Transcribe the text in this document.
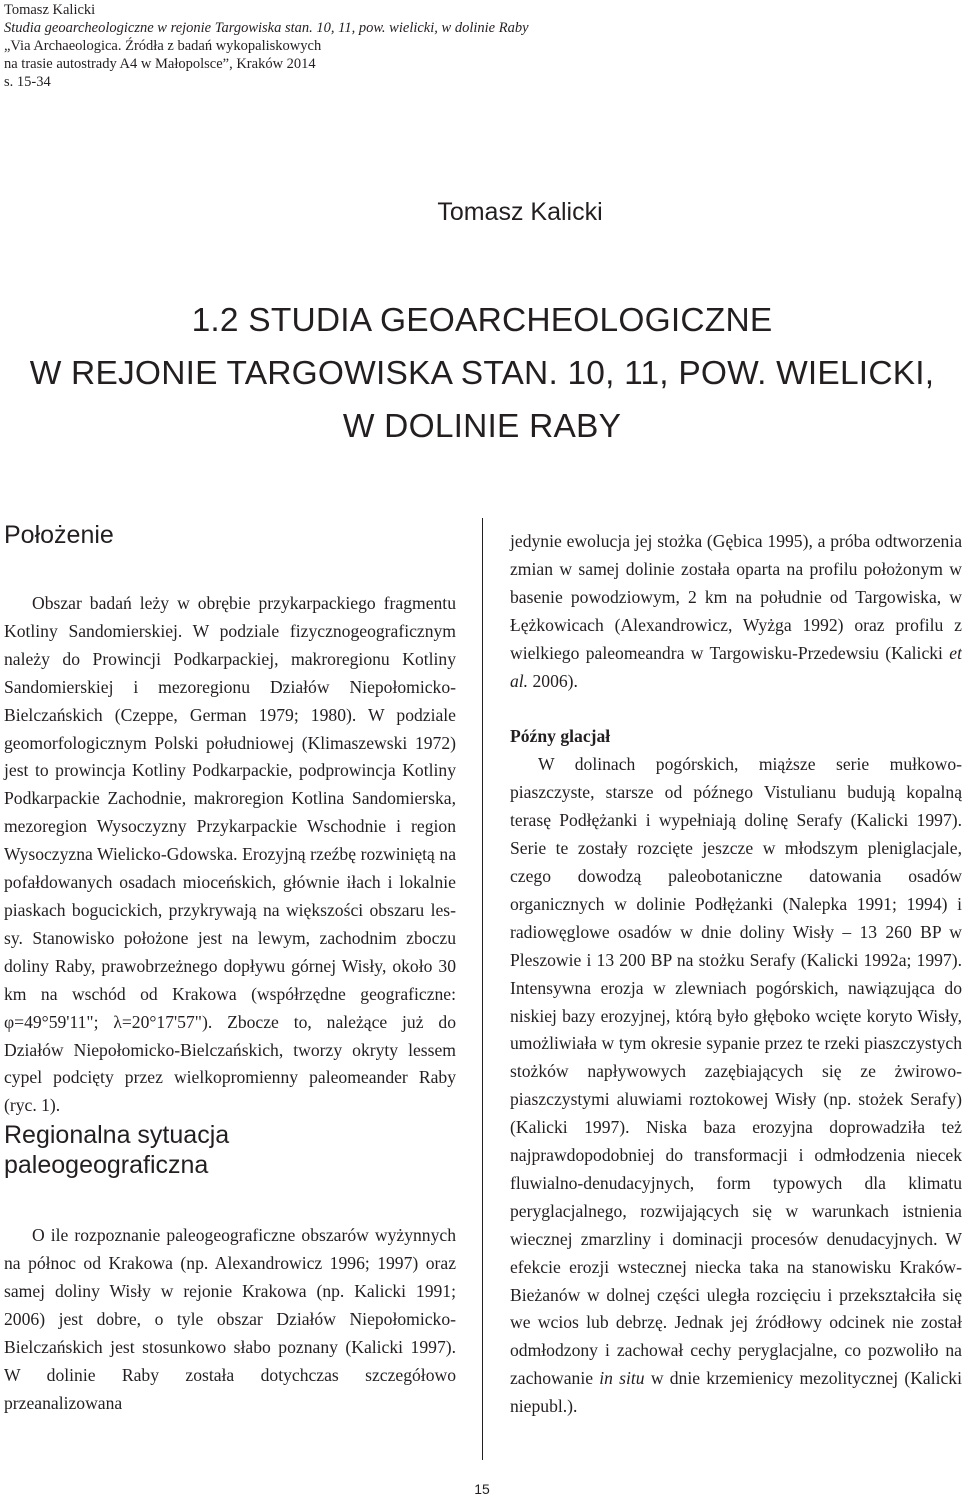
Tomasz Kalicki
Studia geoarcheologiczne w rejonie Targowiska stan. 10, 11, pow. wielicki, w dolinie Raby
„Via Archaeologica. Źródła z badań wykopaliskowych
na trasie autostrady A4 w Małopolsce”, Kraków 2014
s. 15-34
Tomasz Kalicki
1.2 STUDIA GEOARCHEOLOGICZNE
W REJONIE TARGOWISKA STAN. 10, 11, POW. WIELICKI,
W DOLINIE RABY
Położenie

Obszar badań leży w obrębie przykarpackiego fragmentu Kotliny Sandomierskiej. W podziale fizycznogeograficznym należy do Prowincji Podkarpackiej, makroregionu Kotliny Sandomierskiej i mezoregionu Działów Niepołomicko-Bielczańskich (Czeppe, German 1979; 1980). W podziale geomorfologicznym Polski południowej (Klimaszewski 1972) jest to prowincja Kotliny Podkarpackie, podprowincja Kotliny Podkarpackie Zachodnie, makroregion Kotlina Sandomierska, mezoregion Wysoczyzny Przykarpackie Wschodnie i region Wysoczyzna Wielicko-Gdowska. Erozyjną rzeźbę rozwiniętą na pofałdowanych osadach mioceńskich, głównie iłach i lokalnie piaskach bogucickich, przykrywają na większości obszaru lessy. Stanowisko położone jest na lewym, zachodnim zboczu doliny Raby, prawobrzeżnego dopływu górnej Wisły, około 30 km na wschód od Krakowa (współrzędne geograficzne: φ=49°59'11"; λ=20°17'57"). Zbocze to, należące już do Działów Niepołomicko-Bielczańskich, tworzy okryty lessem cypel podcięty przez wielkopromienny paleomeander Raby (ryc. 1).

Regionalna sytuacja
paleogeograficzna

O ile rozpoznanie paleogeograficzne obszarów wyżynnych na północ od Krakowa (np. Alexandrowicz 1996; 1997) oraz samej doliny Wisły w rejonie Krakowa (np. Kalicki 1991; 2006) jest dobre, o tyle obszar Działów Niepołomicko-Bielczańskich jest stosunkowo słabo poznany (Kalicki 1997). W dolinie Raby została dotychczas szczegółowo przeanalizowana

jedynie ewolucja jej stożka (Gębica 1995), a próba odtworzenia zmian w samej dolinie została oparta na profilu położonym w basenie powodziowym, 2 km na południe od Targowiska, w Łężkowicach (Alexandrowicz, Wyżga 1992) oraz profilu z wielkiego paleomeandra w Targowisku-Przedewsiu (Kalicki et al. 2006).

Późny glacjał

W dolinach pogórskich, miąższe serie mułkowo-piaszczyste, starsze od późnego Vistulianu budują kopalną terasę Podłężanki i wypełniają dolinę Serafy (Kalicki 1997). Serie te zostały rozcięte jeszcze w młodszym pleniglacjale, czego dowodzą paleobotaniczne datowania osadów organicznych w dolinie Podłężanki (Nalepka 1991; 1994) i radiowęglowe osadów w dnie doliny Wisły – 13 260 BP w Pleszowie i 13 200 BP na stożku Serafy (Kalicki 1992a; 1997). Intensywna erozja w zlewniach pogórskich, nawiązująca do niskiej bazy erozyjnej, którą było głęboko wcięte koryto Wisły, umożliwiała w tym okresie sypanie przez te rzeki piaszczystych stożków napływowych zazębiających się ze żwirowo-piaszczystymi aluwiami roztokowej Wisły (np. stożek Serafy) (Kalicki 1997). Niska baza erozyjna doprowadziła też najprawdopodobniej do transformacji i odmłodzenia niecek fluwialno-denudacyjnych, form typowych dla klimatu peryglacjalnego, rozwijających się w warunkach istnienia wiecznej zmarzliny i dominacji procesów denudacyjnych. W efekcie erozji wstecznej niecka taka na stanowisku Kraków-Bieżanów w dolnej części uległa rozcięciu i przekształciła się we wcios lub debrzę. Jednak jej źródłowy odcinek nie został odmłodzony i zachował cechy peryglacjalne, co pozwoliło na zachowanie in situ w dnie krzemienicy mezolitycznej (Kalicki niepubl.).

15
